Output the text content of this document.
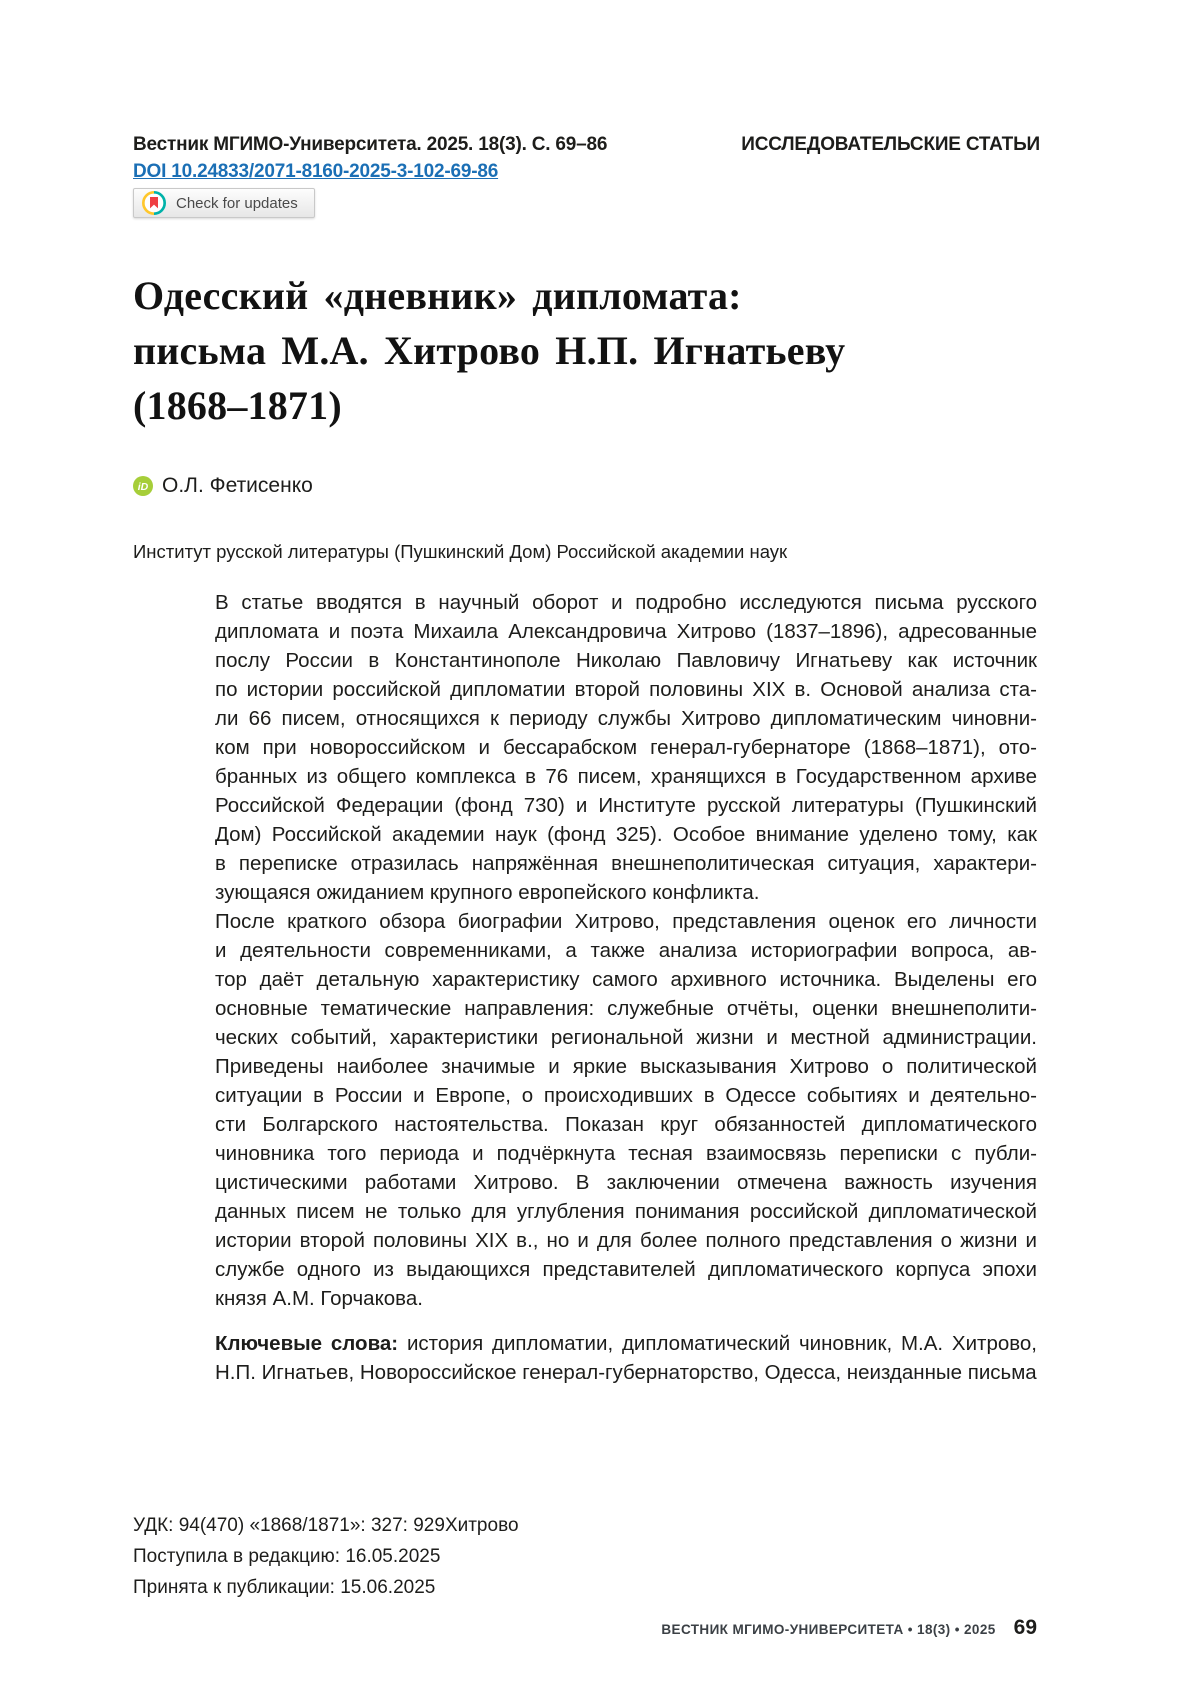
Вестник МГИМО-Университета. 2025. 18(3). С. 69–86	ИССЛЕДОВАТЕЛЬСКИЕ СТАТЬИ
DOI 10.24833/2071-8160-2025-3-102-69-86
Check for updates
Одесский «дневник» дипломата:
письма М.А. Хитрово Н.П. Игнатьеву
(1868–1871)
iD О.Л. Фетисенко
Институт русской литературы (Пушкинский Дом) Российской академии наук
В статье вводятся в научный оборот и подробно исследуются письма русского
дипломата и поэта Михаила Александровича Хитрово (1837–1896), адресованные
послу России в Константинополе Николаю Павловичу Игнатьеву как источник
по истории российской дипломатии второй половины XIX в. Основой анализа ста-
ли 66 писем, относящихся к периоду службы Хитрово дипломатическим чиновни-
ком при новороссийском и бессарабском генерал-губернаторе (1868–1871), ото-
бранных из общего комплекса в 76 писем, хранящихся в Государственном архиве
Российской Федерации (фонд 730) и Институте русской литературы (Пушкинский
Дом) Российской академии наук (фонд 325). Особое внимание уделено тому, как
в переписке отразилась напряжённая внешнеполитическая ситуация, характери-
зующаяся ожиданием крупного европейского конфликта.
После краткого обзора биографии Хитрово, представления оценок его личности
и деятельности современниками, а также анализа историографии вопроса, ав-
тор даёт детальную характеристику самого архивного источника. Выделены его
основные тематические направления: служебные отчёты, оценки внешнеполити-
ческих событий, характеристики региональной жизни и местной администрации.
Приведены наиболее значимые и яркие высказывания Хитрово о политической
ситуации в России и Европе, о происходивших в Одессе событиях и деятельно-
сти Болгарского настоятельства. Показан круг обязанностей дипломатического
чиновника того периода и подчёркнута тесная взаимосвязь переписки с публи-
цистическими работами Хитрово. В заключении отмечена важность изучения
данных писем не только для углубления понимания российской дипломатической
истории второй половины XIX в., но и для более полного представления о жизни и
службе одного из выдающихся представителей дипломатического корпуса эпохи
князя А.М. Горчакова.
Ключевые слова: история дипломатии, дипломатический чиновник, М.А. Хитрово,
Н.П. Игнатьев, Новороссийское генерал-губернаторство, Одесса, неизданные письма
УДК: 94(470) «1868/1871»: 327: 929Хитрово
Поступила в редакцию: 16.05.2025
Принята к публикации: 15.06.2025
ВЕСТНИК МГИМО-УНИВЕРСИТЕТА • 18(3) • 2025 69
